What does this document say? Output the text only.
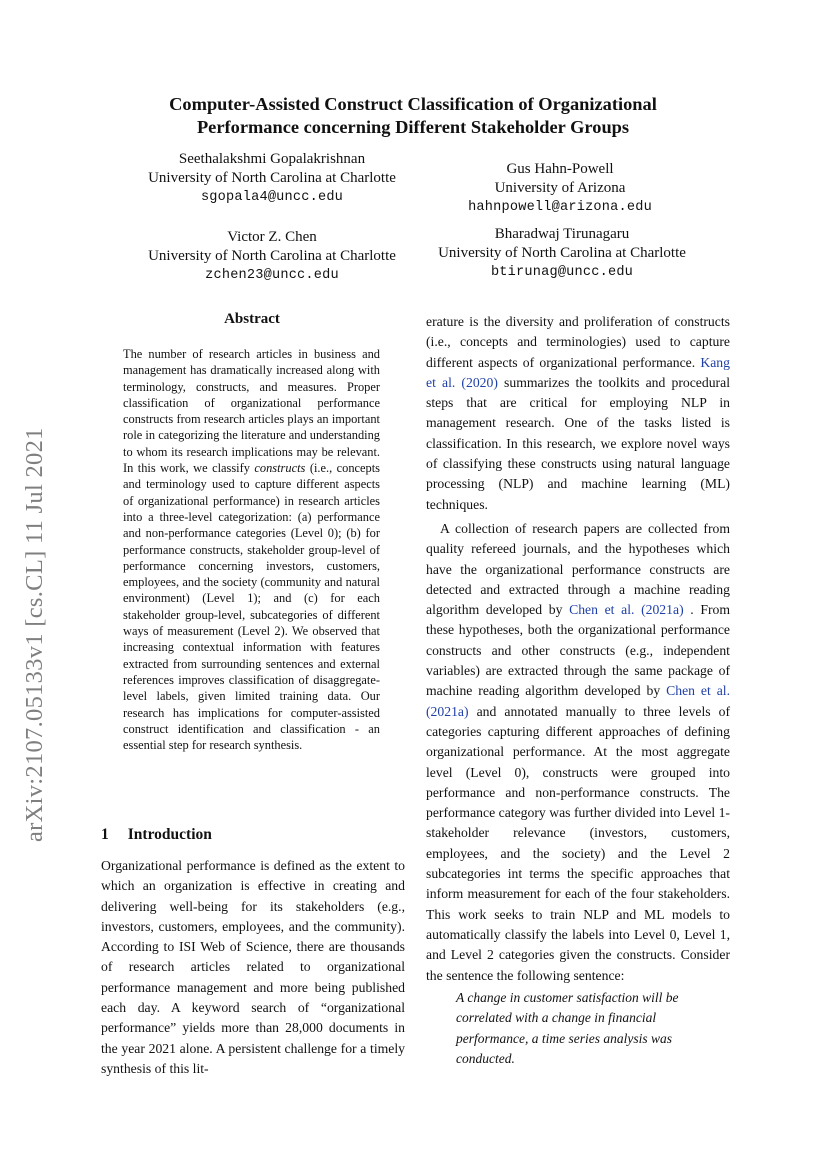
Computer-Assisted Construct Classification of Organizational
Performance concerning Different Stakeholder Groups
Seethalakshmi Gopalakrishnan
University of North Carolina at Charlotte
sgopala4@uncc.edu
Gus Hahn-Powell
University of Arizona
hahnpowell@arizona.edu
Victor Z. Chen
University of North Carolina at Charlotte
zchen23@uncc.edu
Bharadwaj Tirunagaru
University of North Carolina at Charlotte
btirunag@uncc.edu
arXiv:2107.05133v1 [cs.CL] 11 Jul 2021
Abstract
The number of research articles in business and management has dramatically increased along with terminology, constructs, and measures. Proper classification of organizational performance constructs from research articles plays an important role in categorizing the literature and understanding to whom its research implications may be relevant. In this work, we classify constructs (i.e., concepts and terminology used to capture different aspects of organizational performance) in research articles into a three-level categorization: (a) performance and non-performance categories (Level 0); (b) for performance constructs, stakeholder group-level of performance concerning investors, customers, employees, and the society (community and natural environment) (Level 1); and (c) for each stakeholder group-level, subcategories of different ways of measurement (Level 2). We observed that increasing contextual information with features extracted from surrounding sentences and external references improves classification of disaggregate-level labels, given limited training data. Our research has implications for computer-assisted construct identification and classification - an essential step for research synthesis.
1 Introduction
Organizational performance is defined as the extent to which an organization is effective in creating and delivering well-being for its stakeholders (e.g., investors, customers, employees, and the community). According to ISI Web of Science, there are thousands of research articles related to organizational performance management and more being published each day. A keyword search of “organizational performance” yields more than 28,000 documents in the year 2021 alone. A persistent challenge for a timely synthesis of this lit-
erature is the diversity and proliferation of constructs (i.e., concepts and terminologies) used to capture different aspects of organizational performance. Kang et al. (2020) summarizes the toolkits and procedural steps that are critical for employing NLP in management research. One of the tasks listed is classification. In this research, we explore novel ways of classifying these constructs using natural language processing (NLP) and machine learning (ML) techniques.
A collection of research papers are collected from quality refereed journals, and the hypotheses which have the organizational performance constructs are detected and extracted through a machine reading algorithm developed by Chen et al. (2021a) . From these hypotheses, both the organizational performance constructs and other constructs (e.g., independent variables) are extracted through the same package of machine reading algorithm developed by Chen et al. (2021a) and annotated manually to three levels of categories capturing different approaches of defining organizational performance. At the most aggregate level (Level 0), constructs were grouped into performance and non-performance constructs. The performance category was further divided into Level 1- stakeholder relevance (investors, customers, employees, and the society) and the Level 2 subcategories int terms the specific approaches that inform measurement for each of the four stakeholders. This work seeks to train NLP and ML models to automatically classify the labels into Level 0, Level 1, and Level 2 categories given the constructs. Consider the sentence the following sentence:
A change in customer satisfaction will be correlated with a change in financial performance, a time series analysis was conducted.
